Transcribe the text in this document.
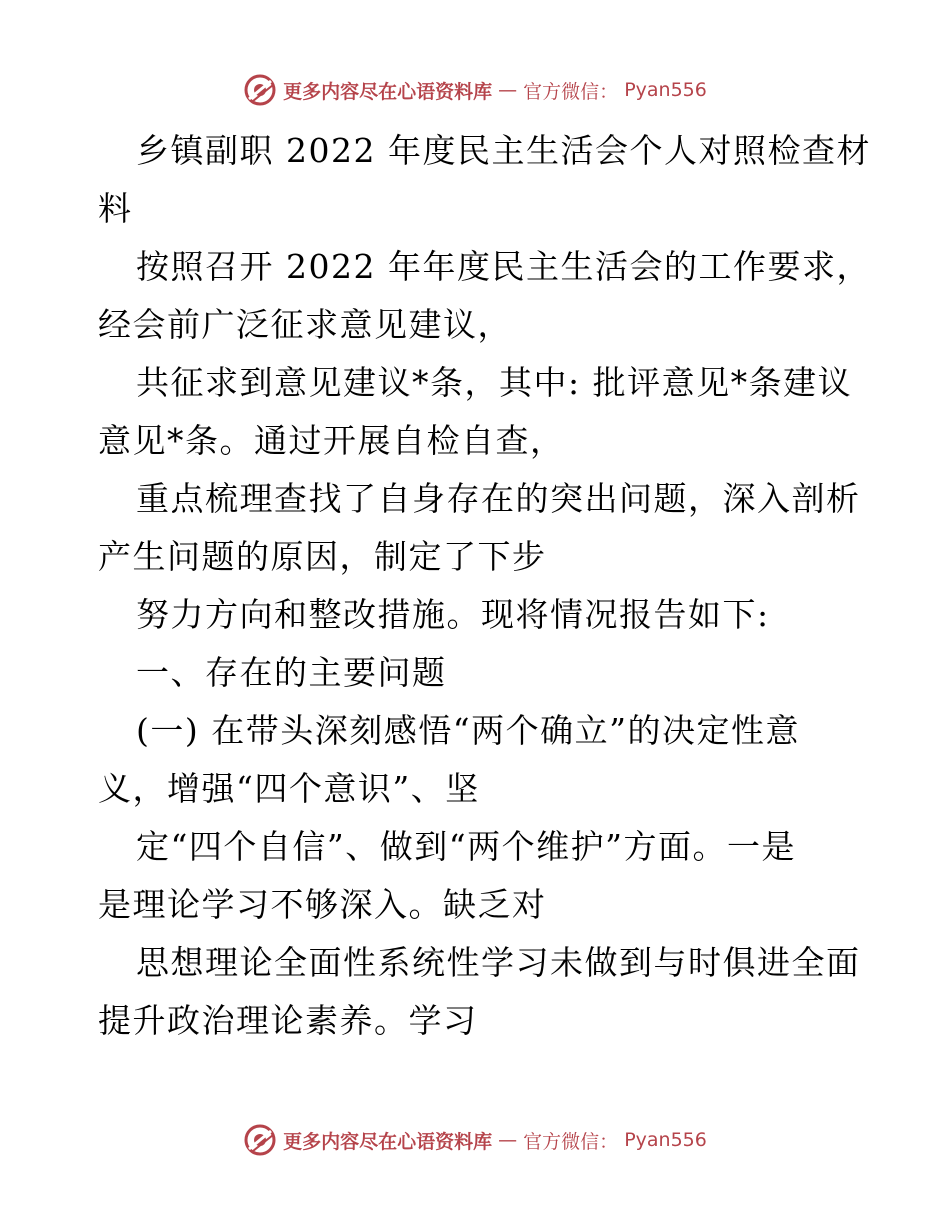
更多内容尽在心语资料库 — 官方微信： Pyan556
乡镇副职 2022 年度民主生活会个人对照检查材
料
按照召开 2022 年年度民主生活会的工作要求，
经会前广泛征求意见建议，
共征求到意见建议*条，其中: 批评意见*条建议
意见*条。通过开展自检自查，
重点梳理查找了自身存在的突出问题，深入剖析
产生问题的原因，制定了下步
努力方向和整改措施。现将情况报告如下:
一、存在的主要问题
(一) 在带头深刻感悟“两个确立”的决定性意
义，增强“四个意识”、坚
定“四个自信”、做到“两个维护”方面。一是
是理论学习不够深入。缺乏对
思想理论全面性系统性学习未做到与时俱进全面
提升政治理论素养。学习
更多内容尽在心语资料库 — 官方微信： Pyan556
